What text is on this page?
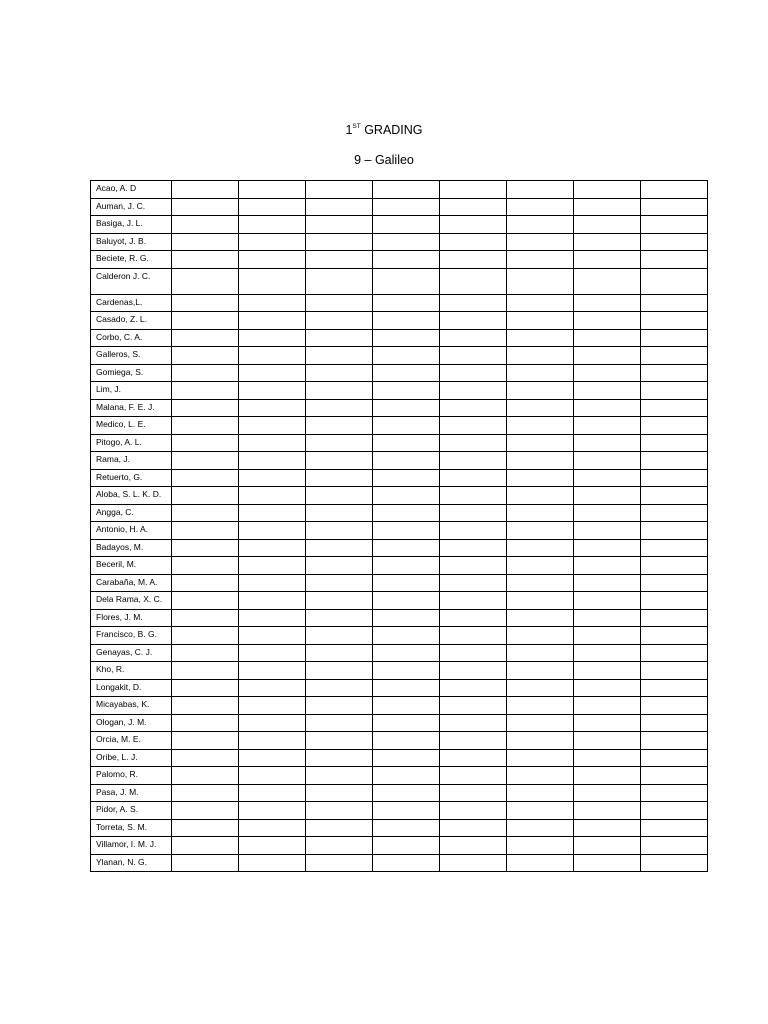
1ST GRADING
9 – Galileo
Acao, A. D								
Auman, J. C.								
Basiga, J. L.								
Baluyot, J. B.								
Beciete, R. G.								
Calderon J. C.								
Cardenas,L.								
Casado, Z. L.								
Corbo, C. A.								
Galleros, S.								
Gomiega, S.								
Lim, J.								
Malana, F. E. J.								
Medico, L. E.								
Pitogo, A. L.								
Rama, J.								
Retuerto, G.								
Aloba, S. L. K. D.								
Angga, C.								
Antonio, H. A.								
Badayos, M.								
Beceril, M.								
Carabaña, M. A.								
Dela Rama, X. C.								
Flores, J. M.								
Francisco, B. G.								
Genayas, C. J.								
Kho, R.								
Longakit, D.								
Micayabas, K.								
Ologan, J. M.								
Orcia, M. E.								
Oribe, L. J.								
Palomo, R.								
Pasa, J. M.								
Pidor, A. S.								
Torreta, S. M.								
Villamor, I. M. J.								
Ylanan, N. G.								
